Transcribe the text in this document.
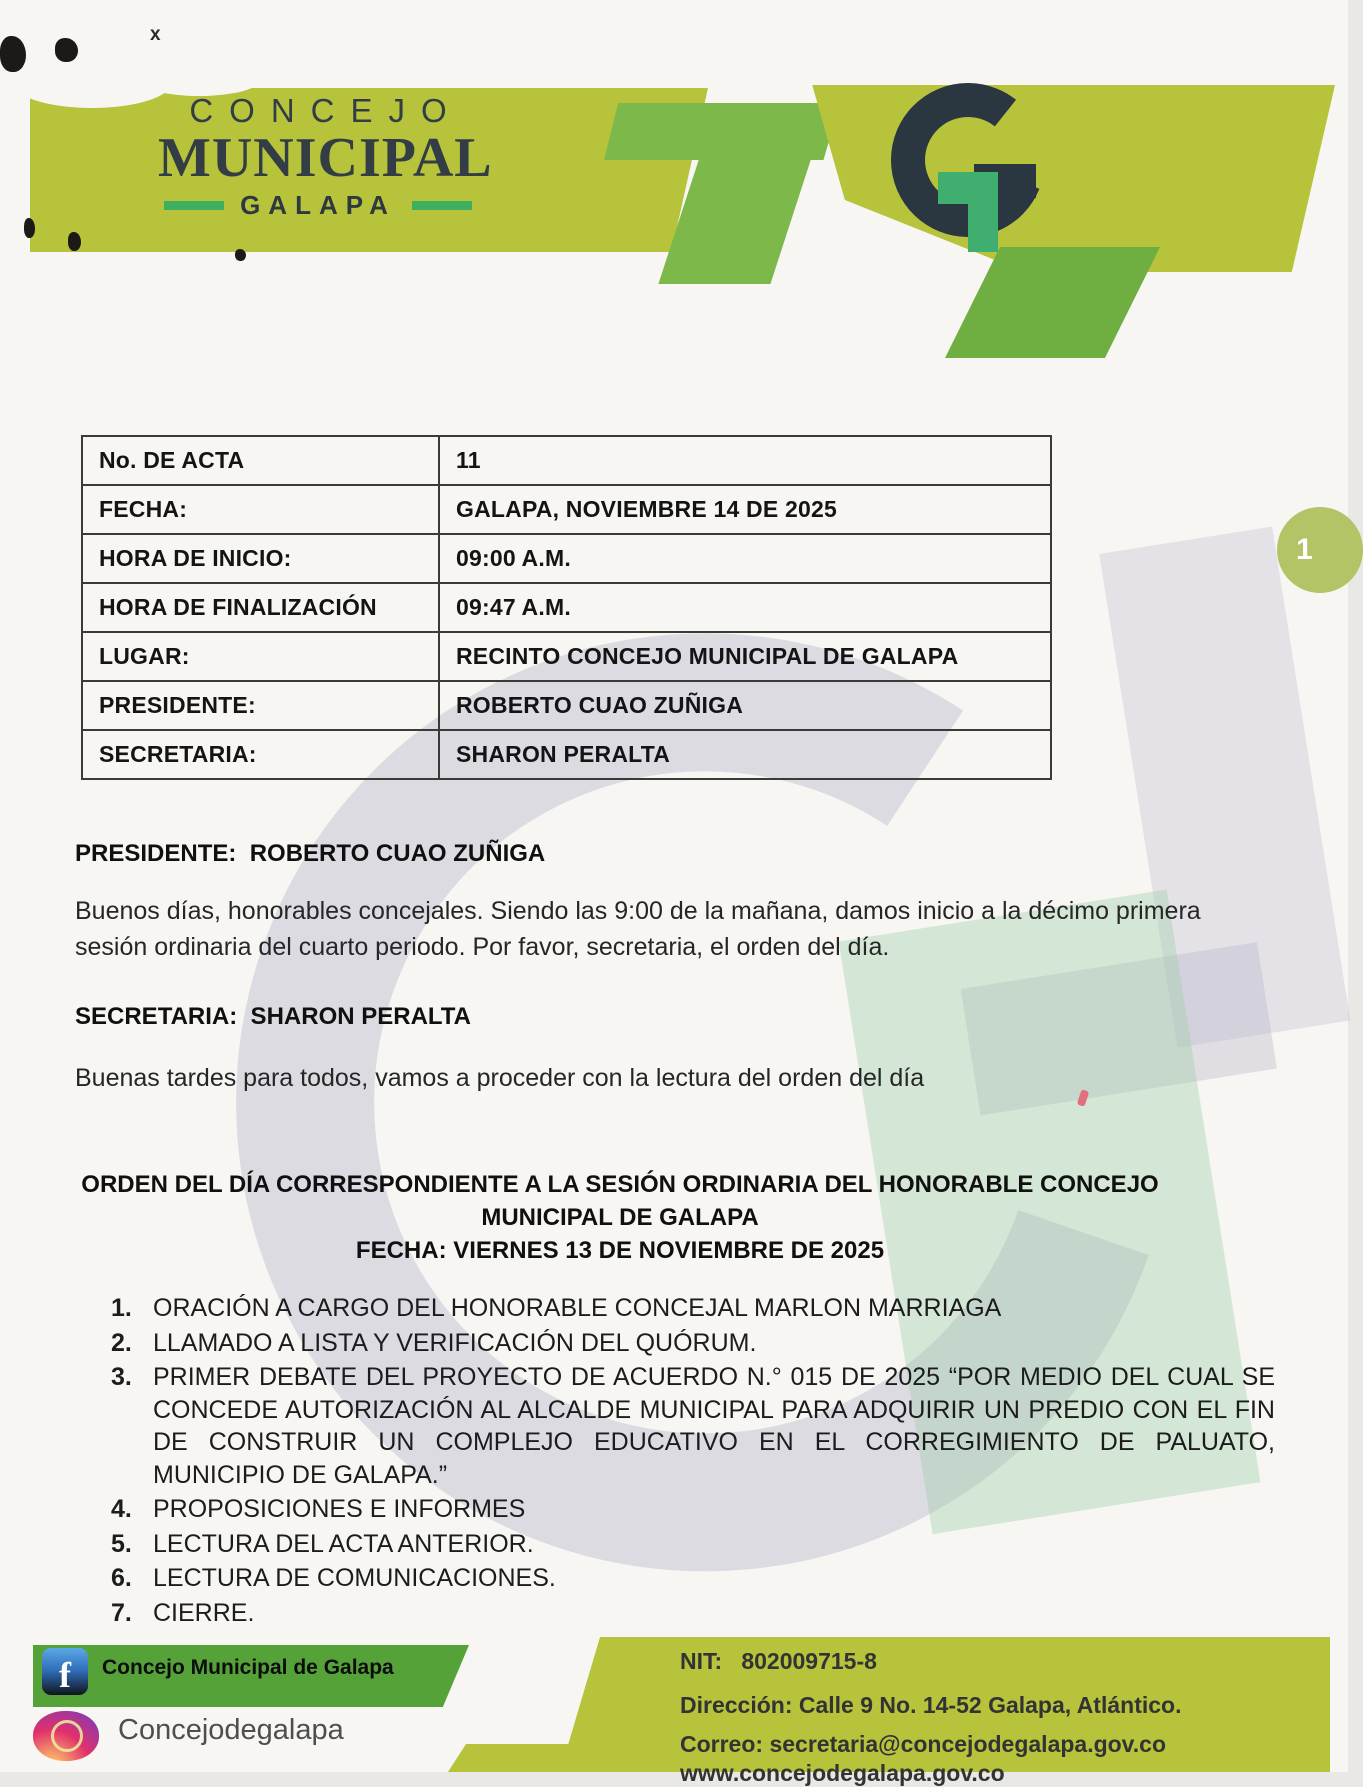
x
CONCEJO
MUNICIPAL
GALAPA
1
No. DE ACTA	11
FECHA:	GALAPA, NOVIEMBRE 14 DE 2025
HORA DE INICIO:	09:00 A.M.
HORA DE FINALIZACIÓN	09:47 A.M.
LUGAR:	RECINTO CONCEJO MUNICIPAL DE GALAPA
PRESIDENTE:	ROBERTO CUAO ZUÑIGA
SECRETARIA:	SHARON PERALTA
PRESIDENTE:  ROBERTO CUAO ZUÑIGA
Buenos días, honorables concejales. Siendo las 9:00 de la mañana, damos inicio a la décimo primera sesión ordinaria del cuarto periodo. Por favor, secretaria, el orden del día.
SECRETARIA:  SHARON PERALTA
Buenas tardes para todos, vamos a proceder con la lectura del orden del día
ORDEN DEL DÍA CORRESPONDIENTE A LA SESIÓN ORDINARIA DEL HONORABLE CONCEJO
MUNICIPAL DE GALAPA
FECHA: VIERNES 13 DE NOVIEMBRE DE 2025
1. ORACIÓN A CARGO DEL HONORABLE CONCEJAL MARLON MARRIAGA
2. LLAMADO A LISTA Y VERIFICACIÓN DEL QUÓRUM.
3. PRIMER DEBATE DEL PROYECTO DE ACUERDO N.° 015 DE 2025 “POR MEDIO DEL CUAL SE CONCEDE AUTORIZACIÓN AL ALCALDE MUNICIPAL PARA ADQUIRIR UN PREDIO CON EL FIN DE CONSTRUIR UN COMPLEJO EDUCATIVO EN EL CORREGIMIENTO DE PALUATO, MUNICIPIO DE GALAPA.”
4. PROPOSICIONES E INFORMES
5. LECTURA DEL ACTA ANTERIOR.
6. LECTURA DE COMUNICACIONES.
7. CIERRE.
f Concejo Municipal de Galapa
Concejodegalapa
NIT:   802009715-8
Dirección: Calle 9 No. 14-52 Galapa, Atlántico.
Correo: secretaria@concejodegalapa.gov.co
www.concejodegalapa.gov.co
